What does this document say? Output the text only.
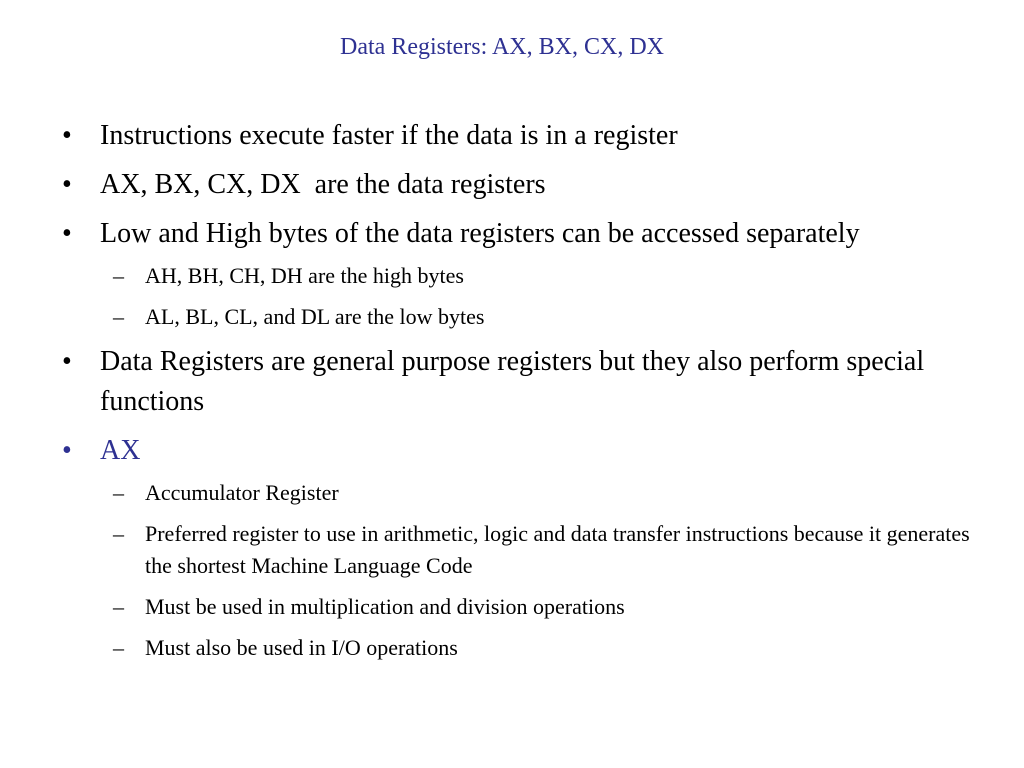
Data Registers: AX, BX, CX, DX
• Instructions execute faster if the data is in a register
• AX, BX, CX, DX  are the data registers
• Low and High bytes of the data registers can be accessed separately
– AH, BH, CH, DH are the high bytes
– AL, BL, CL, and DL are the low bytes
• Data Registers are general purpose registers but they also perform special functions
• AX
– Accumulator Register
– Preferred register to use in arithmetic, logic and data transfer instructions because it generates the shortest Machine Language Code
– Must be used in multiplication and division operations
– Must also be used in I/O operations
